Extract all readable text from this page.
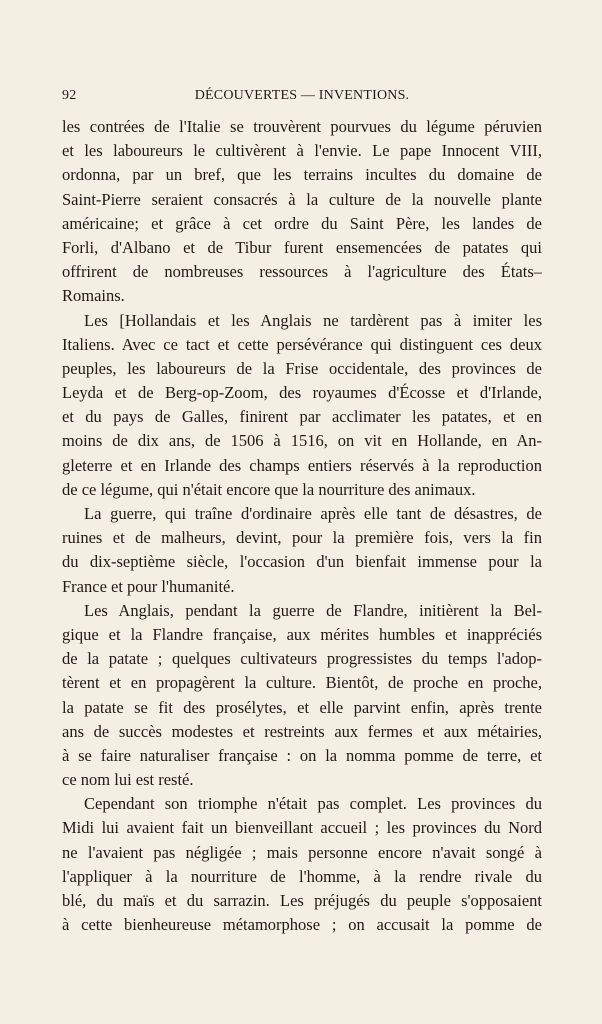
92	DÉCOUVERTES — INVENTIONS.
les contrées de l'Italie se trouvèrent pourvues du légume péruvien
et les laboureurs le cultivèrent à l'envie. Le pape Innocent VIII,
ordonna, par un bref, que les terrains incultes du domaine de
Saint-Pierre seraient consacrés à la culture de la nouvelle plante
américaine; et grâce à cet ordre du Saint Père, les landes de
Forli, d'Albano et de Tibur furent ensemencées de patates qui
offrirent de nombreuses ressources à l'agriculture des États–
Romains.
Les [Hollandais et les Anglais ne tardèrent pas à imiter les
Italiens. Avec ce tact et cette persévérance qui distinguent ces deux
peuples, les laboureurs de la Frise occidentale, des provinces de
Leyda et de Berg-op-Zoom, des royaumes d'Écosse et d'Irlande,
et du pays de Galles, finirent par acclimater les patates, et en
moins de dix ans, de 1506 à 1516, on vit en Hollande, en An-
gleterre et en Irlande des champs entiers réservés à la reproduction
de ce légume, qui n'était encore que la nourriture des animaux.
La guerre, qui traîne d'ordinaire après elle tant de désastres, de
ruines et de malheurs, devint, pour la première fois, vers la fin
du dix-septième siècle, l'occasion d'un bienfait immense pour la
France et pour l'humanité.
Les Anglais, pendant la guerre de Flandre, initièrent la Bel-
gique et la Flandre française, aux mérites humbles et inappréciés
de la patate ; quelques cultivateurs progressistes du temps l'adop-
tèrent et en propagèrent la culture. Bientôt, de proche en proche,
la patate se fit des prosélytes, et elle parvint enfin, après trente
ans de succès modestes et restreints aux fermes et aux métairies,
à se faire naturaliser française : on la nomma pomme de terre, et
ce nom lui est resté.
Cependant son triomphe n'était pas complet. Les provinces du
Midi lui avaient fait un bienveillant accueil ; les provinces du Nord
ne l'avaient pas négligée ; mais personne encore n'avait songé à
l'appliquer à la nourriture de l'homme, à la rendre rivale du
blé, du maïs et du sarrazin. Les préjugés du peuple s'opposaient
à cette bienheureuse métamorphose ; on accusait la pomme de
